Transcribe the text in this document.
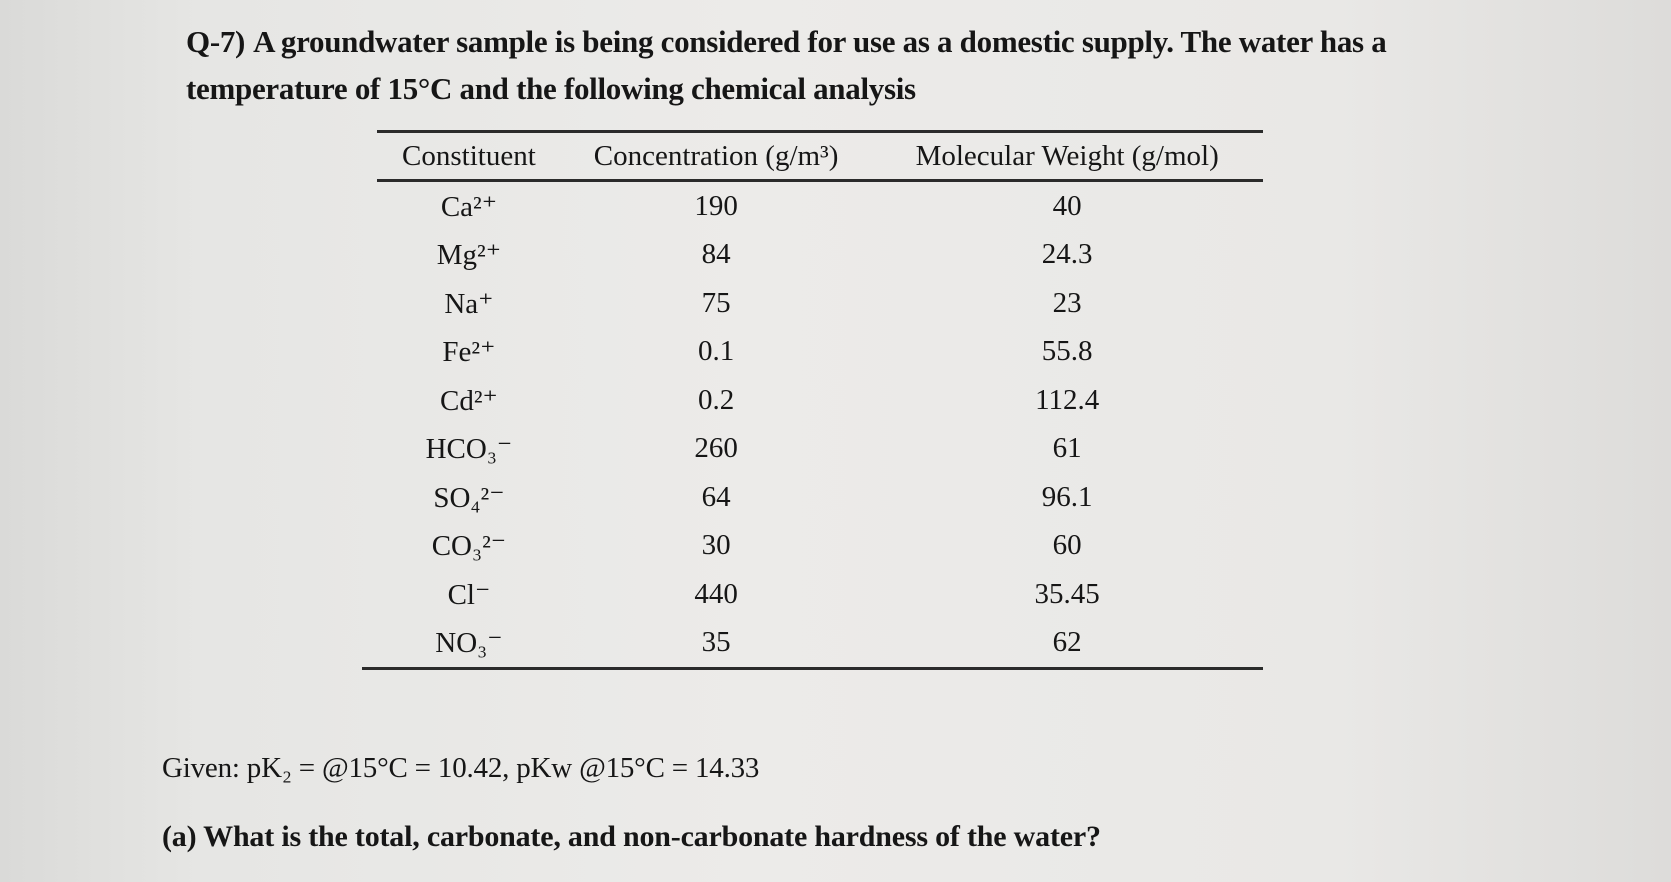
Q-7) A groundwater sample is being considered for use as a domestic supply. The water has a temperature of 15°C and the following chemical analysis
Constituent	Concentration (g/m³)	Molecular Weight (g/mol)
Ca²⁺	190	40
Mg²⁺	84	24.3
Na⁺	75	23
Fe²⁺	0.1	55.8
Cd²⁺	0.2	112.4
HCO₃⁻	260	61
SO₄²⁻	64	96.1
CO₃²⁻	30	60
Cl⁻	440	35.45
NO₃⁻	35	62
Given: pK₂ = @15°C = 10.42, pKw @15°C = 14.33
(a) What is the total, carbonate, and non-carbonate hardness of the water?
